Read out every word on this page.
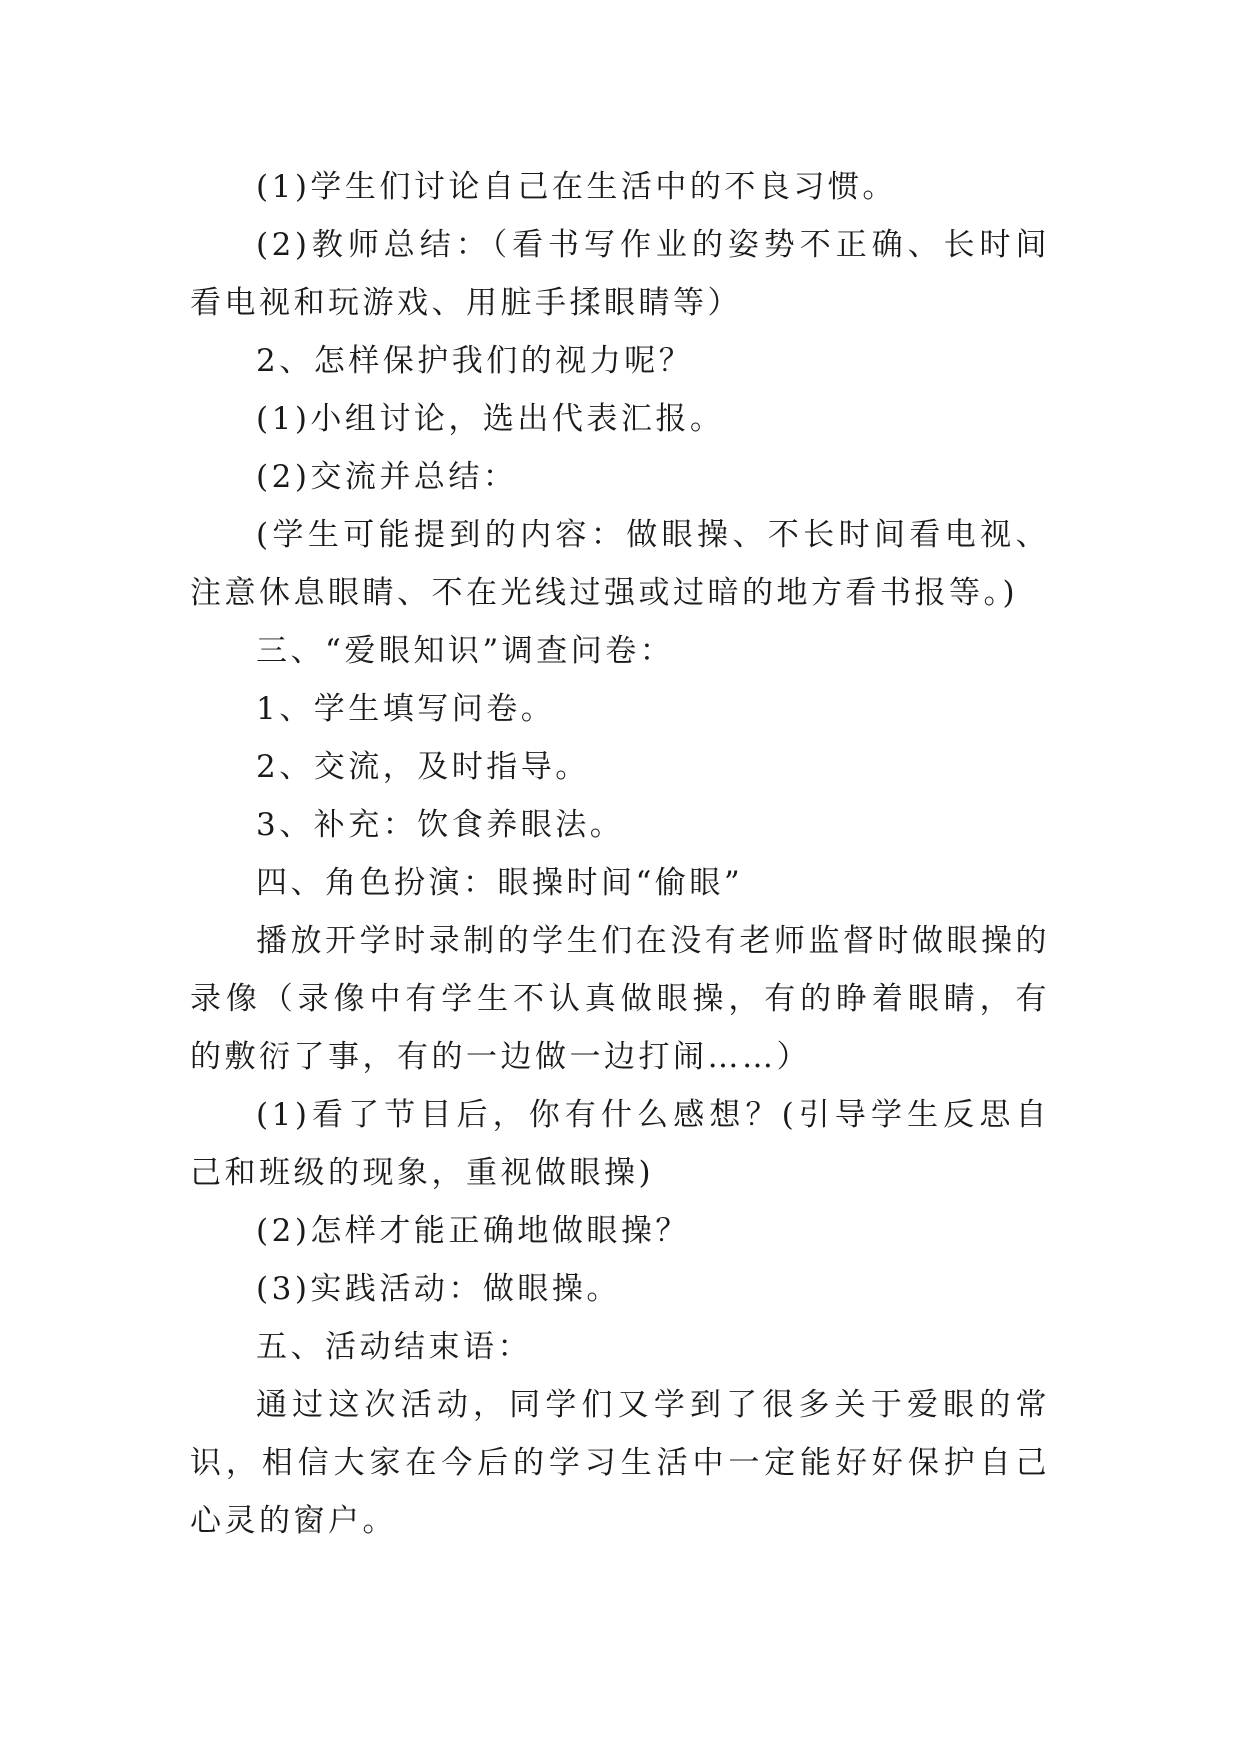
(1)学生们讨论自己在生活中的不良习惯。

(2)教师总结：（看书写作业的姿势不正确、长时间看电视和玩游戏、用脏手揉眼睛等）

2、怎样保护我们的视力呢？

(1)小组讨论，选出代表汇报。

(2)交流并总结：

(学生可能提到的内容：做眼操、不长时间看电视、注意休息眼睛、不在光线过强或过暗的地方看书报等。)

三、“爱眼知识”调查问卷：

1、学生填写问卷。

2、交流，及时指导。

3、补充：饮食养眼法。

四、角色扮演：眼操时间“偷眼”

播放开学时录制的学生们在没有老师监督时做眼操的录像（录像中有学生不认真做眼操，有的睁着眼睛，有的敷衍了事，有的一边做一边打闹……）

(1)看了节目后，你有什么感想？(引导学生反思自己和班级的现象，重视做眼操)

(2)怎样才能正确地做眼操？

(3)实践活动：做眼操。

五、活动结束语：

通过这次活动，同学们又学到了很多关于爱眼的常识，相信大家在今后的学习生活中一定能好好保护自己心灵的窗户。
